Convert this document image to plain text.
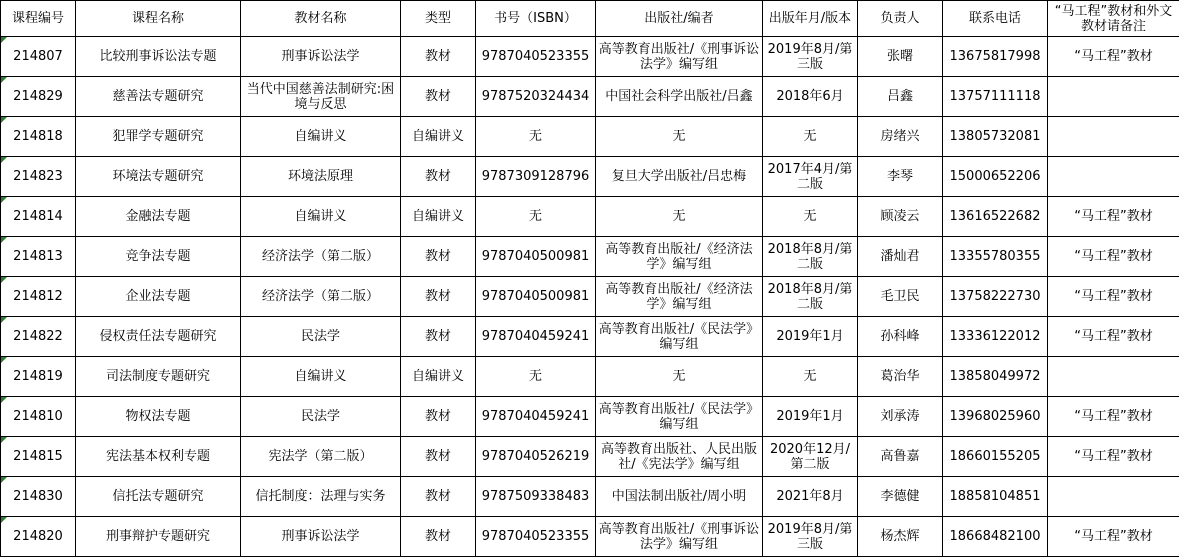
课程编号	课程名称	教材名称	类型	书号（ISBN）	出版社/编者	出版年月/版本	负责人	联系电话	“马工程”教材和外文教材请备注
214807	比较刑事诉讼法专题	刑事诉讼法学	教材	9787040523355	高等教育出版社/《刑事诉讼法学》编写组	2019年8月/第三版	张曙	13675817998	“马工程”教材
214829	慈善法专题研究	当代中国慈善法制研究:困境与反思	教材	9787520324434	中国社会科学出版社/吕鑫	2018年6月	吕鑫	13757111118	
214818	犯罪学专题研究	自编讲义	自编讲义	无	无	无	房绪兴	13805732081	
214823	环境法专题研究	环境法原理	教材	9787309128796	复旦大学出版社/吕忠梅	2017年4月/第二版	李琴	15000652206	
214814	金融法专题	自编讲义	自编讲义	无	无	无	顾凌云	13616522682	“马工程”教材
214813	竞争法专题	经济法学（第二版）	教材	9787040500981	高等教育出版社/《经济法学》编写组	2018年8月/第二版	潘灿君	13355780355	“马工程”教材
214812	企业法专题	经济法学（第二版）	教材	9787040500981	高等教育出版社/《经济法学》编写组	2018年8月/第二版	毛卫民	13758222730	“马工程”教材
214822	侵权责任法专题研究	民法学	教材	9787040459241	高等教育出版社/《民法学》编写组	2019年1月	孙科峰	13336122012	“马工程”教材
214819	司法制度专题研究	自编讲义	自编讲义	无	无	无	葛治华	13858049972	
214810	物权法专题	民法学	教材	9787040459241	高等教育出版社/《民法学》编写组	2019年1月	刘承涛	13968025960	“马工程”教材
214815	宪法基本权利专题	宪法学（第二版）	教材	9787040526219	高等教育出版社、人民出版社/《宪法学》编写组	2020年12月/第二版	高鲁嘉	18660155205	“马工程”教材
214830	信托法专题研究	信托制度：法理与实务	教材	9787509338483	中国法制出版社/周小明	2021年8月	李德健	18858104851	
214820	刑事辩护专题研究	刑事诉讼法学	教材	9787040523355	高等教育出版社/《刑事诉讼法学》编写组	2019年8月/第三版	杨杰辉	18668482100	“马工程”教材
